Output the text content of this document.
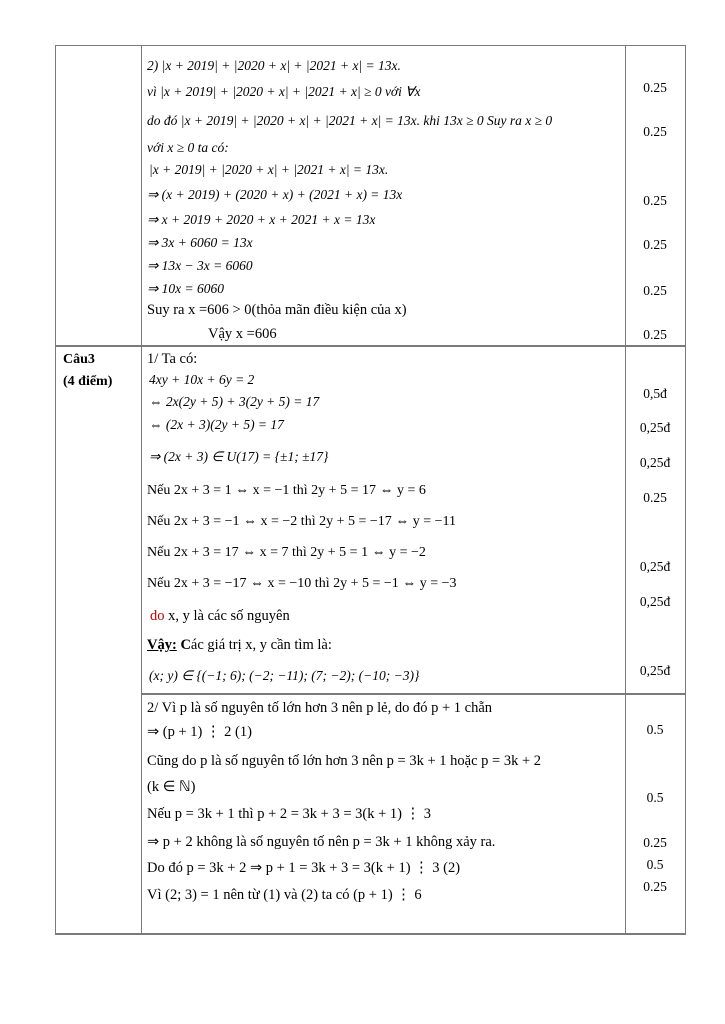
2) |x + 2019| + |2020 + x| + |2021 + x| = 13x.
vì |x + 2019| + |2020 + x| + |2021 + x| ≥ 0 với ∀x
do đó |x + 2019| + |2020 + x| + |2021 + x| = 13x. khi 13x ≥ 0 Suy ra x ≥ 0
với x ≥ 0 ta có:
|x + 2019| + |2020 + x| + |2021 + x| = 13x.
⇒ (x + 2019) + (2020 + x) + (2021 + x) = 13x
⇒ x + 2019 + 2020 + x + 2021 + x = 13x
⇒ 3x + 6060 = 13x
⇒ 13x − 3x = 6060
⇒ 10x = 6060
Suy ra x =606 > 0(thỏa mãn điều kiện của x)
Vậy x =606
0.25
0.25
0.25
0.25
0.25
0.25
Câu3
(4 điểm)
1/ Ta có:
4xy + 10x + 6y = 2
⇔ 2x(2y + 5) + 3(2y + 5) = 17
⇔ (2x + 3)(2y + 5) = 17
⇒ (2x + 3) ∈ U(17) = {±1; ±17}
Nếu 2x + 3 = 1 ⇔ x = −1 thì 2y + 5 = 17 ⇔ y = 6
Nếu 2x + 3 = −1 ⇔ x = −2 thì 2y + 5 = −17 ⇔ y = −11
Nếu 2x + 3 = 17 ⇔ x = 7 thì 2y + 5 = 1 ⇔ y = −2
Nếu 2x + 3 = −17 ⇔ x = −10 thì 2y + 5 = −1 ⇔ y = −3
do x, y là các số nguyên
Vậy: Các giá trị x, y cần tìm là:
(x; y) ∈ {(−1; 6); (−2; −11); (7; −2); (−10; −3)}
0,5đ
0,25đ
0,25đ
0.25
0,25đ
0,25đ
0,25đ
2/ Vì p là số nguyên tố lớn hơn 3 nên p lẻ, do đó p + 1 chẵn
⇒ (p + 1) ⋮ 2 (1)
Cũng do p là số nguyên tố lớn hơn 3 nên p = 3k + 1 hoặc p = 3k + 2
(k ∈ ℕ)
Nếu p = 3k + 1 thì p + 2 = 3k + 3 = 3(k + 1) ⋮ 3
⇒ p + 2 không là số nguyên tố nên p = 3k + 1 không xảy ra.
Do đó p = 3k + 2 ⇒ p + 1 = 3k + 3 = 3(k + 1) ⋮ 3 (2)
Vì (2; 3) = 1 nên từ (1) và (2) ta có (p + 1) ⋮ 6
0.5
0.5
0.25
0.5
0.25
